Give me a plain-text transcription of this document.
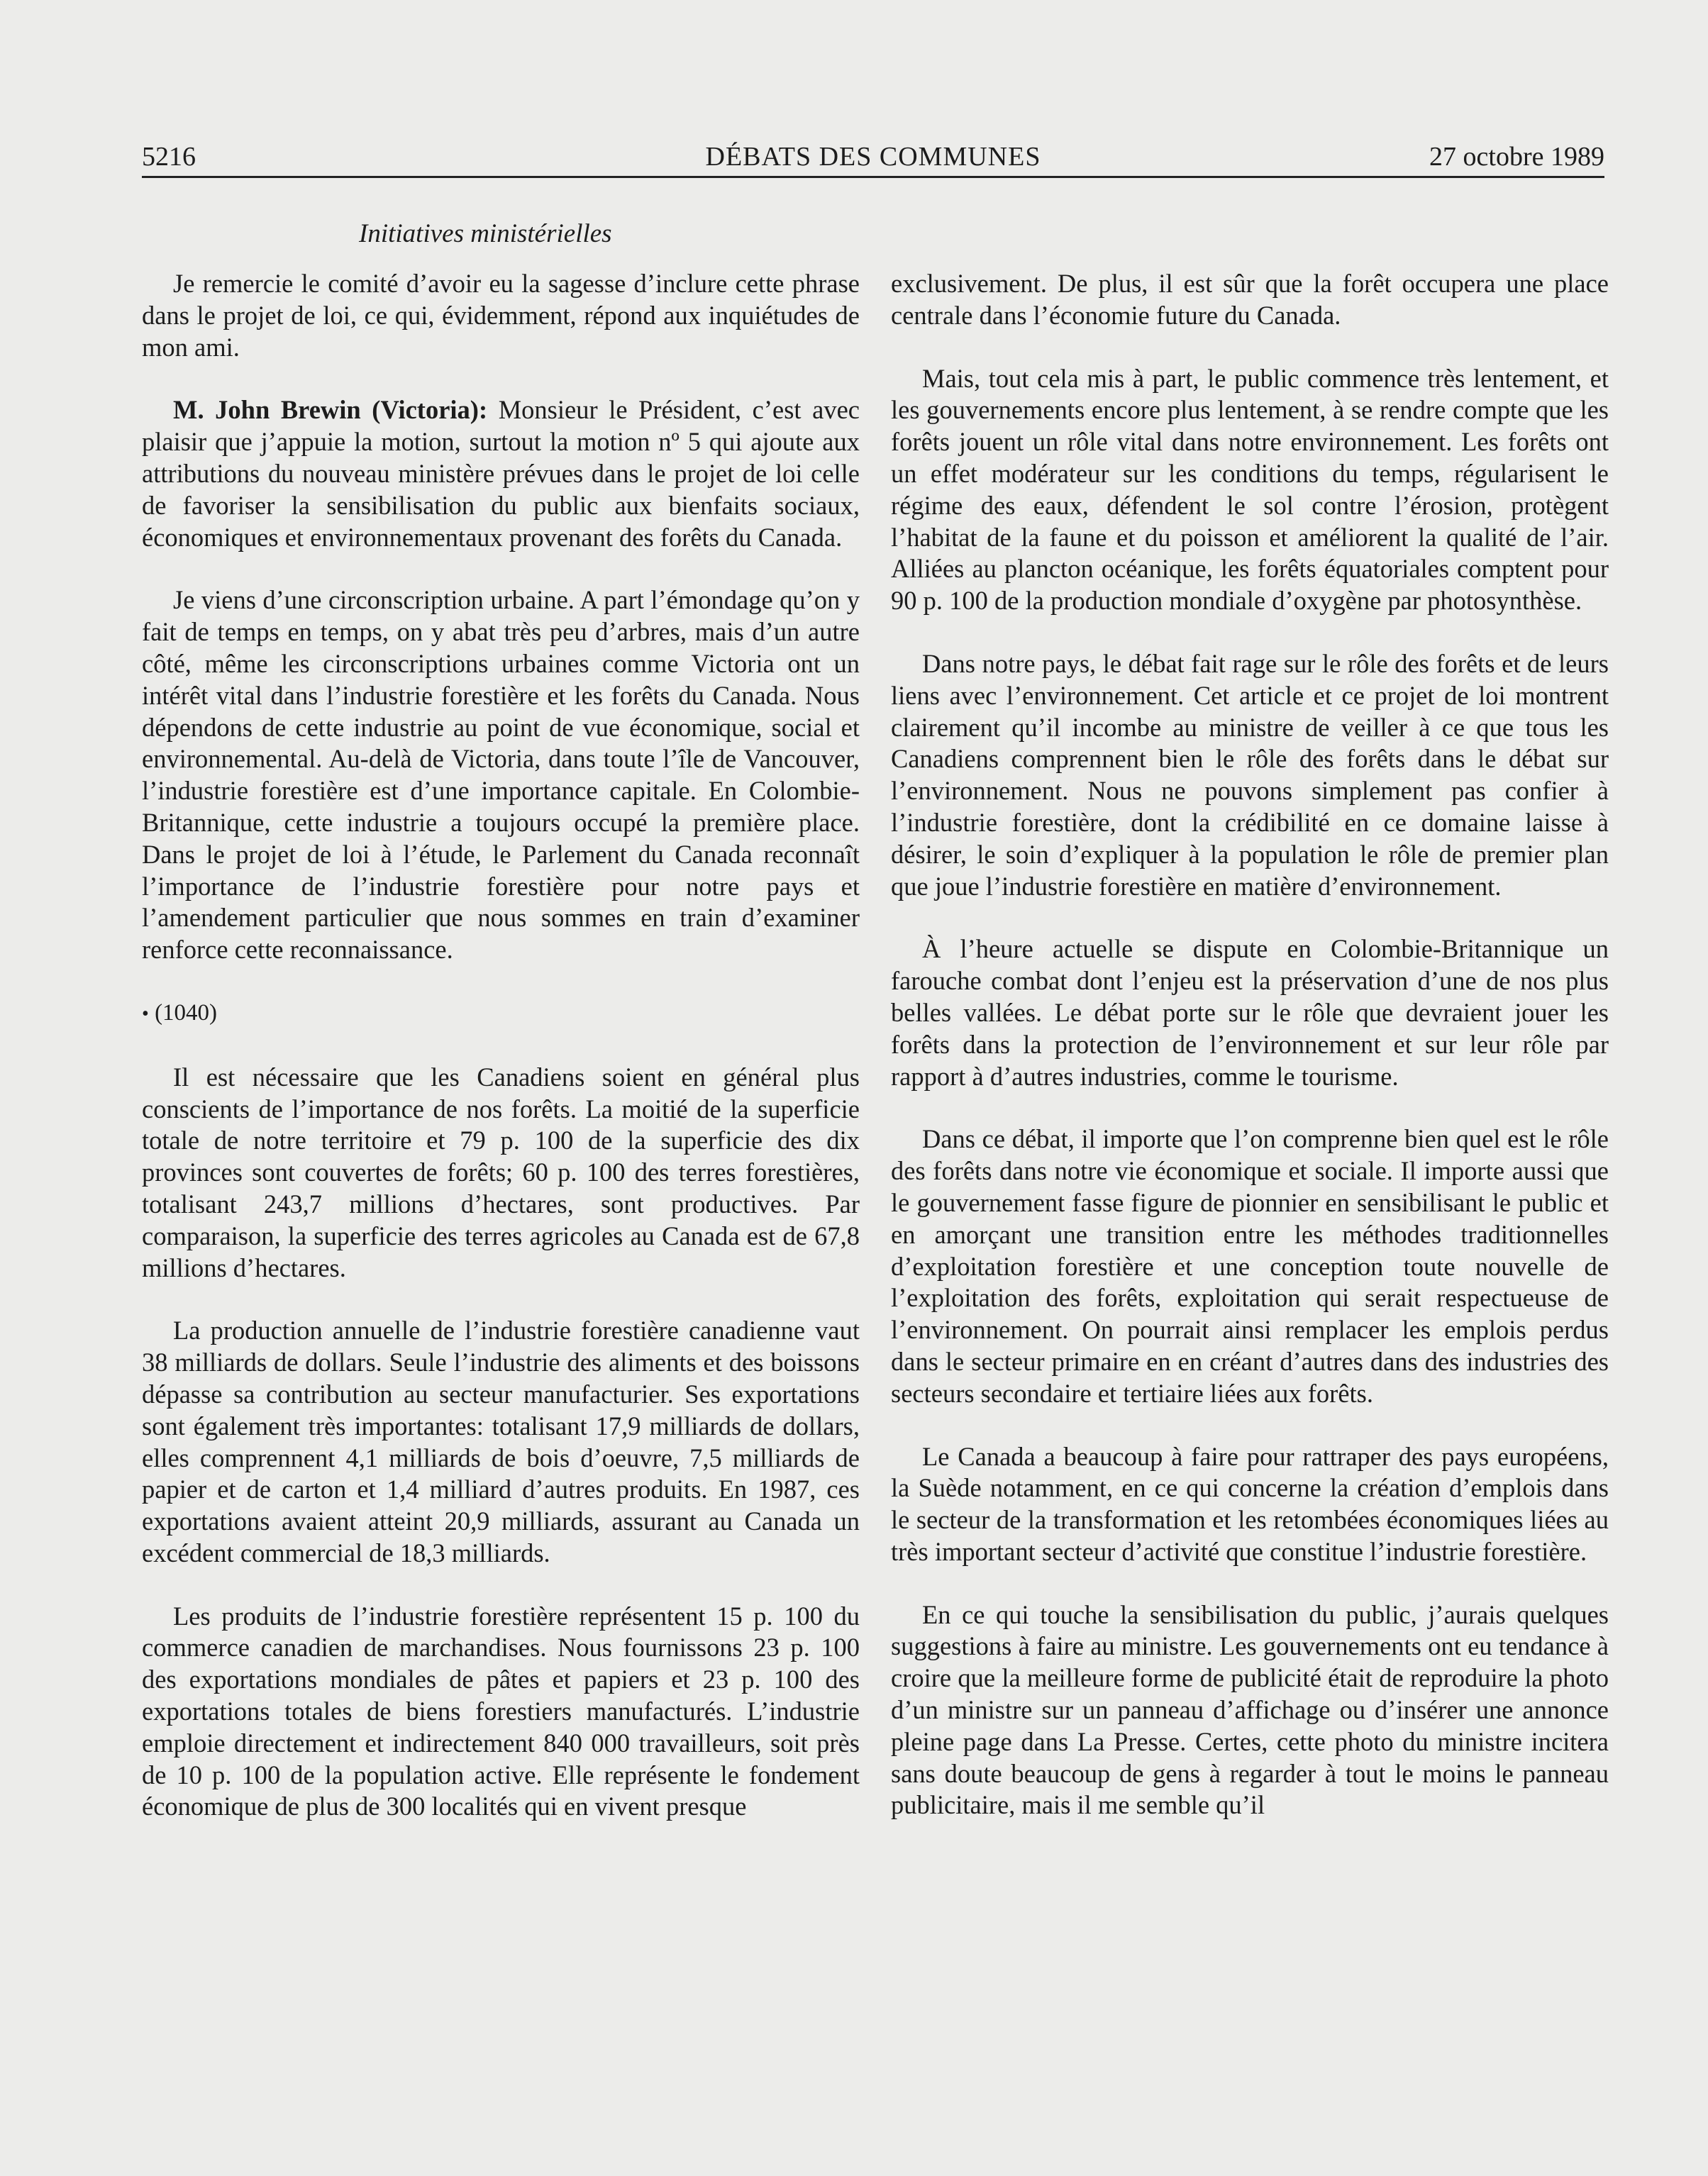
5216	DÉBATS DES COMMUNES	27 octobre 1989
Initiatives ministérielles

Je remercie le comité d’avoir eu la sagesse d’inclure cette phrase dans le projet de loi, ce qui, évidemment, répond aux inquiétudes de mon ami.

M. John Brewin (Victoria): Monsieur le Président, c’est avec plaisir que j’appuie la motion, surtout la motion nº 5 qui ajoute aux attributions du nouveau ministère prévues dans le projet de loi celle de favoriser la sensibilisation du public aux bienfaits sociaux, économiques et environnementaux provenant des forêts du Canada.

Je viens d’une circonscription urbaine. A part l’émondage qu’on y fait de temps en temps, on y abat très peu d’arbres, mais d’un autre côté, même les circonscriptions urbaines comme Victoria ont un intérêt vital dans l’industrie forestière et les forêts du Canada. Nous dépendons de cette industrie au point de vue économique, social et environnemental. Au-delà de Victoria, dans toute l’île de Vancouver, l’industrie forestière est d’une importance capitale. En Colombie-Britannique, cette industrie a toujours occupé la première place. Dans le projet de loi à l’étude, le Parlement du Canada reconnaît l’importance de l’industrie forestière pour notre pays et l’amendement particulier que nous sommes en train d’examiner renforce cette reconnaissance.

• (1040)

Il est nécessaire que les Canadiens soient en général plus conscients de l’importance de nos forêts. La moitié de la superficie totale de notre territoire et 79 p. 100 de la superficie des dix provinces sont couvertes de forêts; 60 p. 100 des terres forestières, totalisant 243,7 millions d’hectares, sont productives. Par comparaison, la superficie des terres agricoles au Canada est de 67,8 millions d’hectares.

La production annuelle de l’industrie forestière canadienne vaut 38 milliards de dollars. Seule l’industrie des aliments et des boissons dépasse sa contribution au secteur manufacturier. Ses exportations sont également très importantes: totalisant 17,9 milliards de dollars, elles comprennent 4,1 milliards de bois d’oeuvre, 7,5 milliards de papier et de carton et 1,4 milliard d’autres produits. En 1987, ces exportations avaient atteint 20,9 milliards, assurant au Canada un excédent commercial de 18,3 milliards.

Les produits de l’industrie forestière représentent 15 p. 100 du commerce canadien de marchandises. Nous fournissons 23 p. 100 des exportations mondiales de pâtes et papiers et 23 p. 100 des exportations totales de biens forestiers manufacturés. L’industrie emploie directement et indirectement 840 000 travailleurs, soit près de 10 p. 100 de la population active. Elle représente le fondement économique de plus de 300 localités qui en vivent presque

exclusivement. De plus, il est sûr que la forêt occupera une place centrale dans l’économie future du Canada.

Mais, tout cela mis à part, le public commence très lentement, et les gouvernements encore plus lentement, à se rendre compte que les forêts jouent un rôle vital dans notre environnement. Les forêts ont un effet modérateur sur les conditions du temps, régularisent le régime des eaux, défendent le sol contre l’érosion, protègent l’habitat de la faune et du poisson et améliorent la qualité de l’air. Alliées au plancton océanique, les forêts équatoriales comptent pour 90 p. 100 de la production mondiale d’oxygène par photosynthèse.

Dans notre pays, le débat fait rage sur le rôle des forêts et de leurs liens avec l’environnement. Cet article et ce projet de loi montrent clairement qu’il incombe au ministre de veiller à ce que tous les Canadiens comprennent bien le rôle des forêts dans le débat sur l’environnement. Nous ne pouvons simplement pas confier à l’industrie forestière, dont la crédibilité en ce domaine laisse à désirer, le soin d’expliquer à la population le rôle de premier plan que joue l’industrie forestière en matière d’environnement.

À l’heure actuelle se dispute en Colombie-Britannique un farouche combat dont l’enjeu est la préservation d’une de nos plus belles vallées. Le débat porte sur le rôle que devraient jouer les forêts dans la protection de l’environnement et sur leur rôle par rapport à d’autres industries, comme le tourisme.

Dans ce débat, il importe que l’on comprenne bien quel est le rôle des forêts dans notre vie économique et sociale. Il importe aussi que le gouvernement fasse figure de pionnier en sensibilisant le public et en amorçant une transition entre les méthodes traditionnelles d’exploitation forestière et une conception toute nouvelle de l’exploitation des forêts, exploitation qui serait respectueuse de l’environnement. On pourrait ainsi remplacer les emplois perdus dans le secteur primaire en en créant d’autres dans des industries des secteurs secondaire et tertiaire liées aux forêts.

Le Canada a beaucoup à faire pour rattraper des pays européens, la Suède notamment, en ce qui concerne la création d’emplois dans le secteur de la transformation et les retombées économiques liées au très important secteur d’activité que constitue l’industrie forestière.

En ce qui touche la sensibilisation du public, j’aurais quelques suggestions à faire au ministre. Les gouvernements ont eu tendance à croire que la meilleure forme de publicité était de reproduire la photo d’un ministre sur un panneau d’affichage ou d’insérer une annonce pleine page dans La Presse. Certes, cette photo du ministre incitera sans doute beaucoup de gens à regarder à tout le moins le panneau publicitaire, mais il me semble qu’il
